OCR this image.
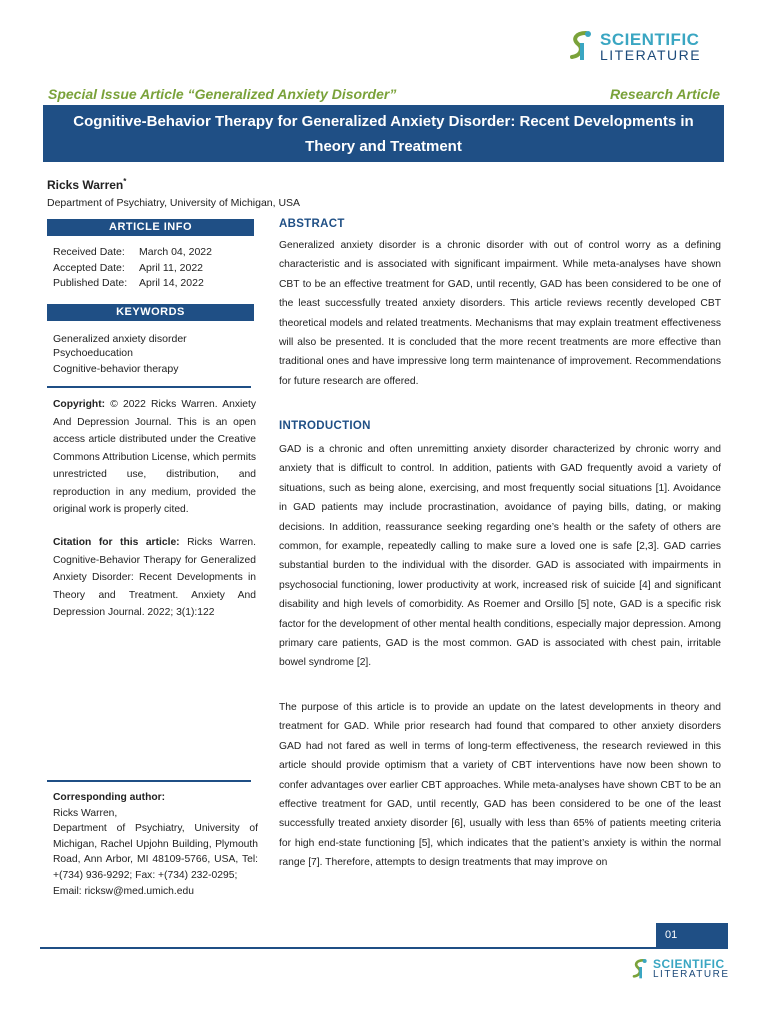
SCIENTIFIC
LITERATURE
Special Issue Article “Generalized Anxiety Disorder”	Research Article
Cognitive-Behavior Therapy for Generalized Anxiety Disorder: Recent Developments in Theory and Treatment
Ricks Warren*
Department of Psychiatry, University of Michigan, USA
ARTICLE INFO
Received Date: March 04, 2022
Accepted Date: April 11, 2022
Published Date: April 14, 2022
KEYWORDS
Generalized anxiety disorder
Psychoeducation
Cognitive-behavior therapy
Copyright: © 2022 Ricks Warren. Anxiety And Depression Journal. This is an open access article distributed under the Creative Commons Attribution License, which permits unrestricted use, distribution, and reproduction in any medium, provided the original work is properly cited.
Citation for this article: Ricks Warren. Cognitive-Behavior Therapy for Generalized Anxiety Disorder: Recent Developments in Theory and Treatment. Anxiety And Depression Journal. 2022; 3(1):122
Corresponding author:
Ricks Warren,
Department of Psychiatry, University of Michigan, Rachel Upjohn Building, Plymouth Road, Ann Arbor, MI 48109-5766, USA, Tel: +(734) 936-9292; Fax: +(734) 232-0295;
Email: ricksw@med.umich.edu
ABSTRACT
Generalized anxiety disorder is a chronic disorder with out of control worry as a defining characteristic and is associated with significant impairment. While meta-analyses have shown CBT to be an effective treatment for GAD, until recently, GAD has been considered to be one of the least successfully treated anxiety disorders. This article reviews recently developed CBT theoretical models and related treatments. Mechanisms that may explain treatment effectiveness will also be presented. It is concluded that the more recent treatments are more effective than traditional ones and have impressive long term maintenance of improvement. Recommendations for future research are offered.
INTRODUCTION
GAD is a chronic and often unremitting anxiety disorder characterized by chronic worry and anxiety that is difficult to control. In addition, patients with GAD frequently avoid a variety of situations, such as being alone, exercising, and most frequently social situations [1]. Avoidance in GAD patients may include procrastination, avoidance of paying bills, dating, or making decisions. In addition, reassurance seeking regarding one’s health or the safety of others are common, for example, repeatedly calling to make sure a loved one is safe [2,3]. GAD carries substantial burden to the individual with the disorder. GAD is associated with impairments in psychosocial functioning, lower productivity at work, increased risk of suicide [4] and significant disability and high levels of comorbidity. As Roemer and Orsillo [5] note, GAD is a specific risk factor for the development of other mental health conditions, especially major depression. Among primary care patients, GAD is the most common. GAD is associated with chest pain, irritable bowel syndrome [2].
The purpose of this article is to provide an update on the latest developments in theory and treatment for GAD. While prior research had found that compared to other anxiety disorders GAD had not fared as well in terms of long-term effectiveness, the research reviewed in this article should provide optimism that a variety of CBT interventions have now been shown to confer advantages over earlier CBT approaches. While meta-analyses have shown CBT to be an effective treatment for GAD, until recently, GAD has been considered to be one of the least successfully treated anxiety disorder [6], usually with less than 65% of patients meeting criteria for high end-state functioning [5], which indicates that the patient’s anxiety is within the normal range [7]. Therefore, attempts to design treatments that may improve on
01
SCIENTIFIC
LITERATURE
